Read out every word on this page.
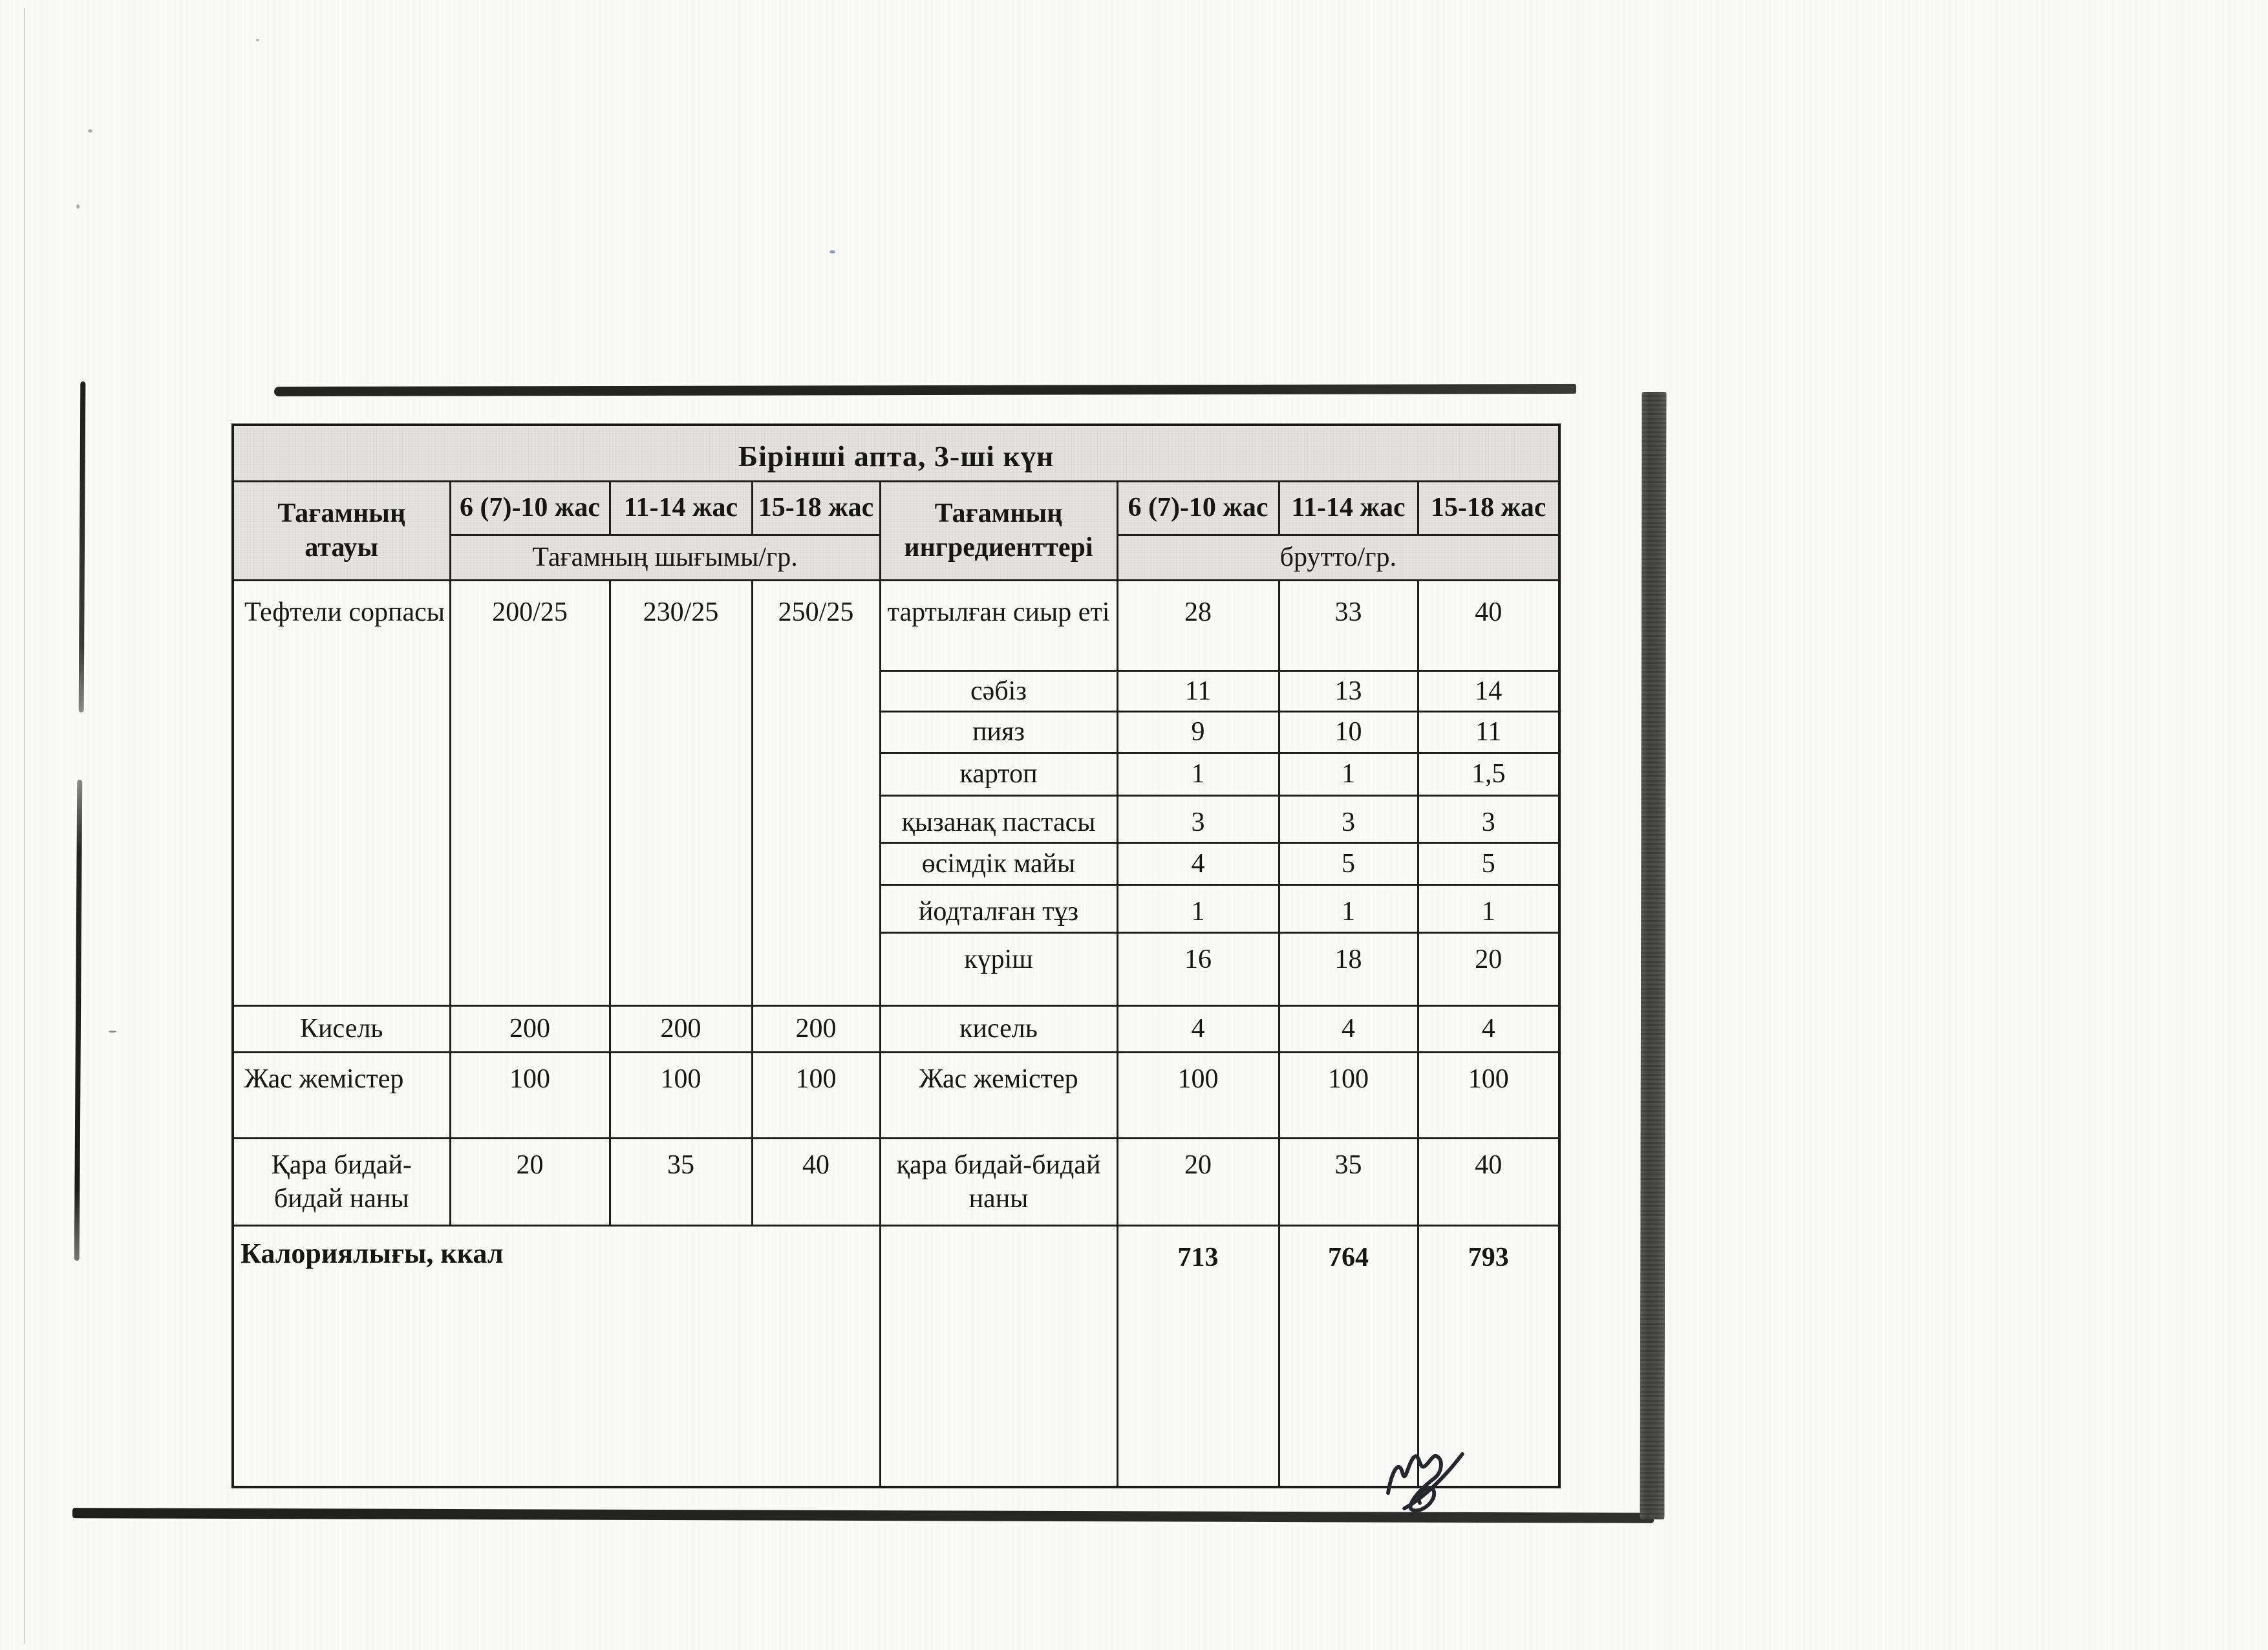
Бірінші апта, 3-ші күн							
Тағамның атауы	6 (7)-10 жас	11-14 жас	15-18 жас	Тағамның ингредиенттері	6 (7)-10 жас	11-14 жас	15-18 жас
	Тағамның шығымы/гр.				брутто/гр.		
Тефтели сорпасы	200/25	230/25	250/25	тартылған сиыр еті	28	33	40
				сәбіз	11	13	14
				пияз	9	10	11
				картоп	1	1	1,5
				қызанақ пастасы	3	3	3
				өсімдік майы	4	5	5
				йодталған тұз	1	1	1
				күріш	16	18	20
Кисель	200	200	200	кисель	4	4	4
Жас жемістер	100	100	100	Жас жемістер	100	100	100
Қара бидай-бидай наны	20	35	40	қара бидай-бидай наны	20	35	40
Калориялығы, ккал					713	764	793
